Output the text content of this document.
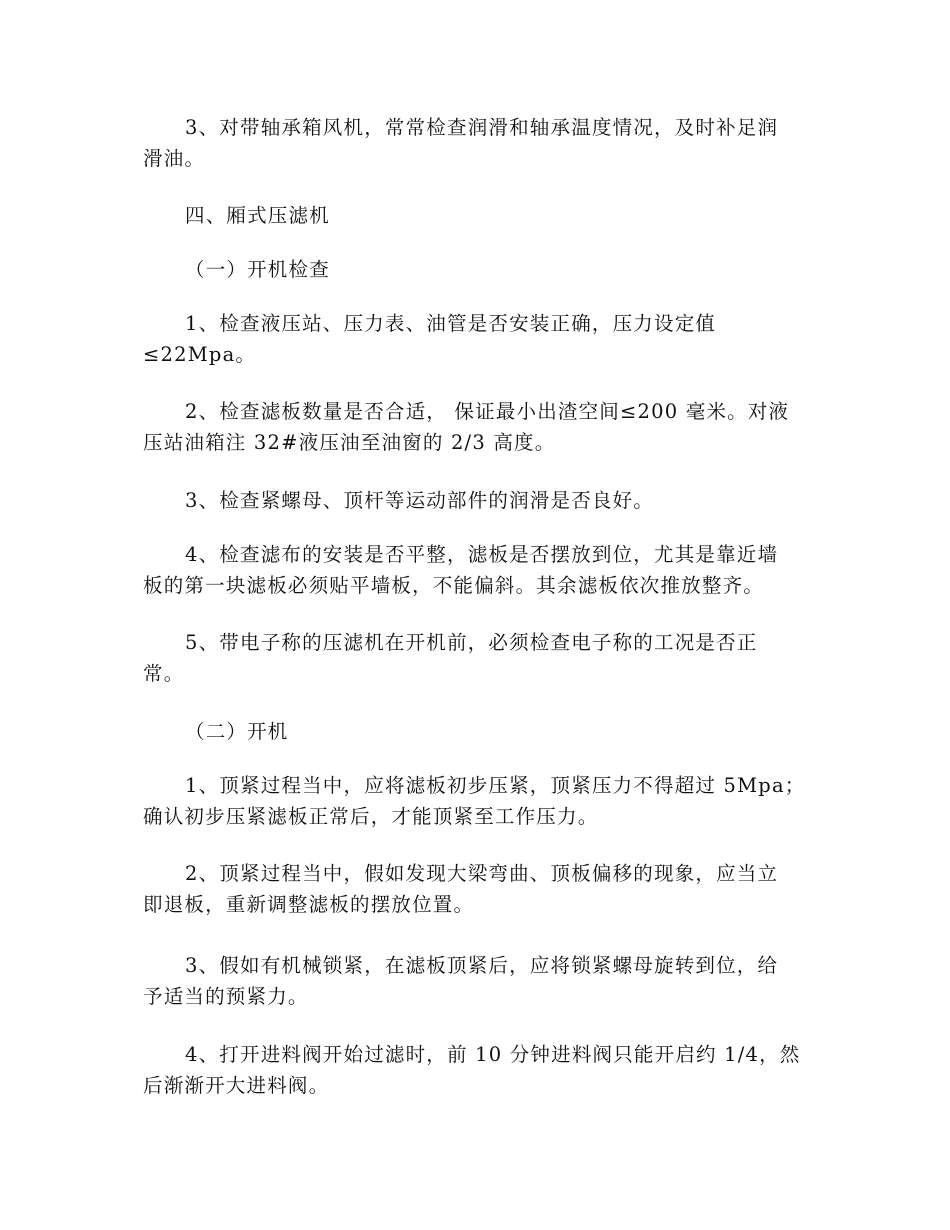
3、对带轴承箱风机，常常检查润滑和轴承温度情况，及时补足润
滑油。

四、厢式压滤机

（一）开机检查

1、检查液压站、压力表、油管是否安装正确，压力设定值
≤22Mpa。

2、检查滤板数量是否合适， 保证最小出渣空间≤200 毫米。对液
压站油箱注 32#液压油至油窗的 2/3 高度。

3、检查紧螺母、顶杆等运动部件的润滑是否良好。

4、检查滤布的安装是否平整，滤板是否摆放到位，尤其是靠近墙
板的第一块滤板必须贴平墙板，不能偏斜。其余滤板依次推放整齐。

5、带电子称的压滤机在开机前，必须检查电子称的工况是否正
常。

（二）开机

1、顶紧过程当中，应将滤板初步压紧，顶紧压力不得超过 5Mpa；
确认初步压紧滤板正常后，才能顶紧至工作压力。

2、顶紧过程当中，假如发现大梁弯曲、顶板偏移的现象，应当立
即退板，重新调整滤板的摆放位置。

3、假如有机械锁紧，在滤板顶紧后，应将锁紧螺母旋转到位，给
予适当的预紧力。

4、打开进料阀开始过滤时，前 10 分钟进料阀只能开启约 1/4，然
后渐渐开大进料阀。
